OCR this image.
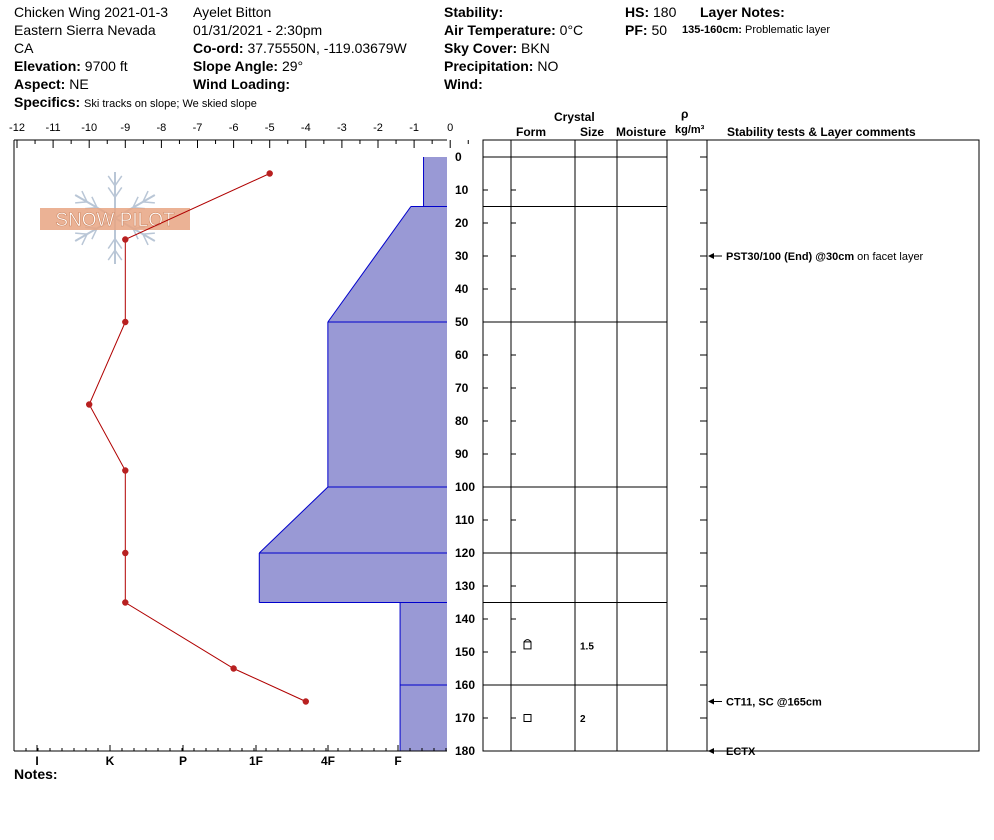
Chicken Wing 2021-01-3
Eastern Sierra Nevada
CA
Elevation: 9700 ft
Aspect: NE
Specifics: Ski tracks on slope; We skied slope
Ayelet Bitton
01/31/2021 - 2:30pm
Co-ord: 37.75550N, -119.03679W
Slope Angle: 29°
Wind Loading:
Stability:
Air Temperature: 0°C
Sky Cover: BKN
Precipitation: NO
Wind:
HS: 180
PF: 50
Layer Notes:
135-160cm: Problematic layer
Crystal
Form	Size Moisture
ρ
kg/m³ Stability tests & Layer comments
Notes:
SNOW PILOT
-12 -11 -10 -9 -8 -7 -6 -5 -4 -3 -2 -1	0
I	K	P	1F	4F	F
0
10
20
30
40
50
60
70
80
90
100
110
120
130
140
150
160
170
180
1.5
2
PST30/100 (End) @30cm on facet layer
CT11, SC @165cm
ECTX
